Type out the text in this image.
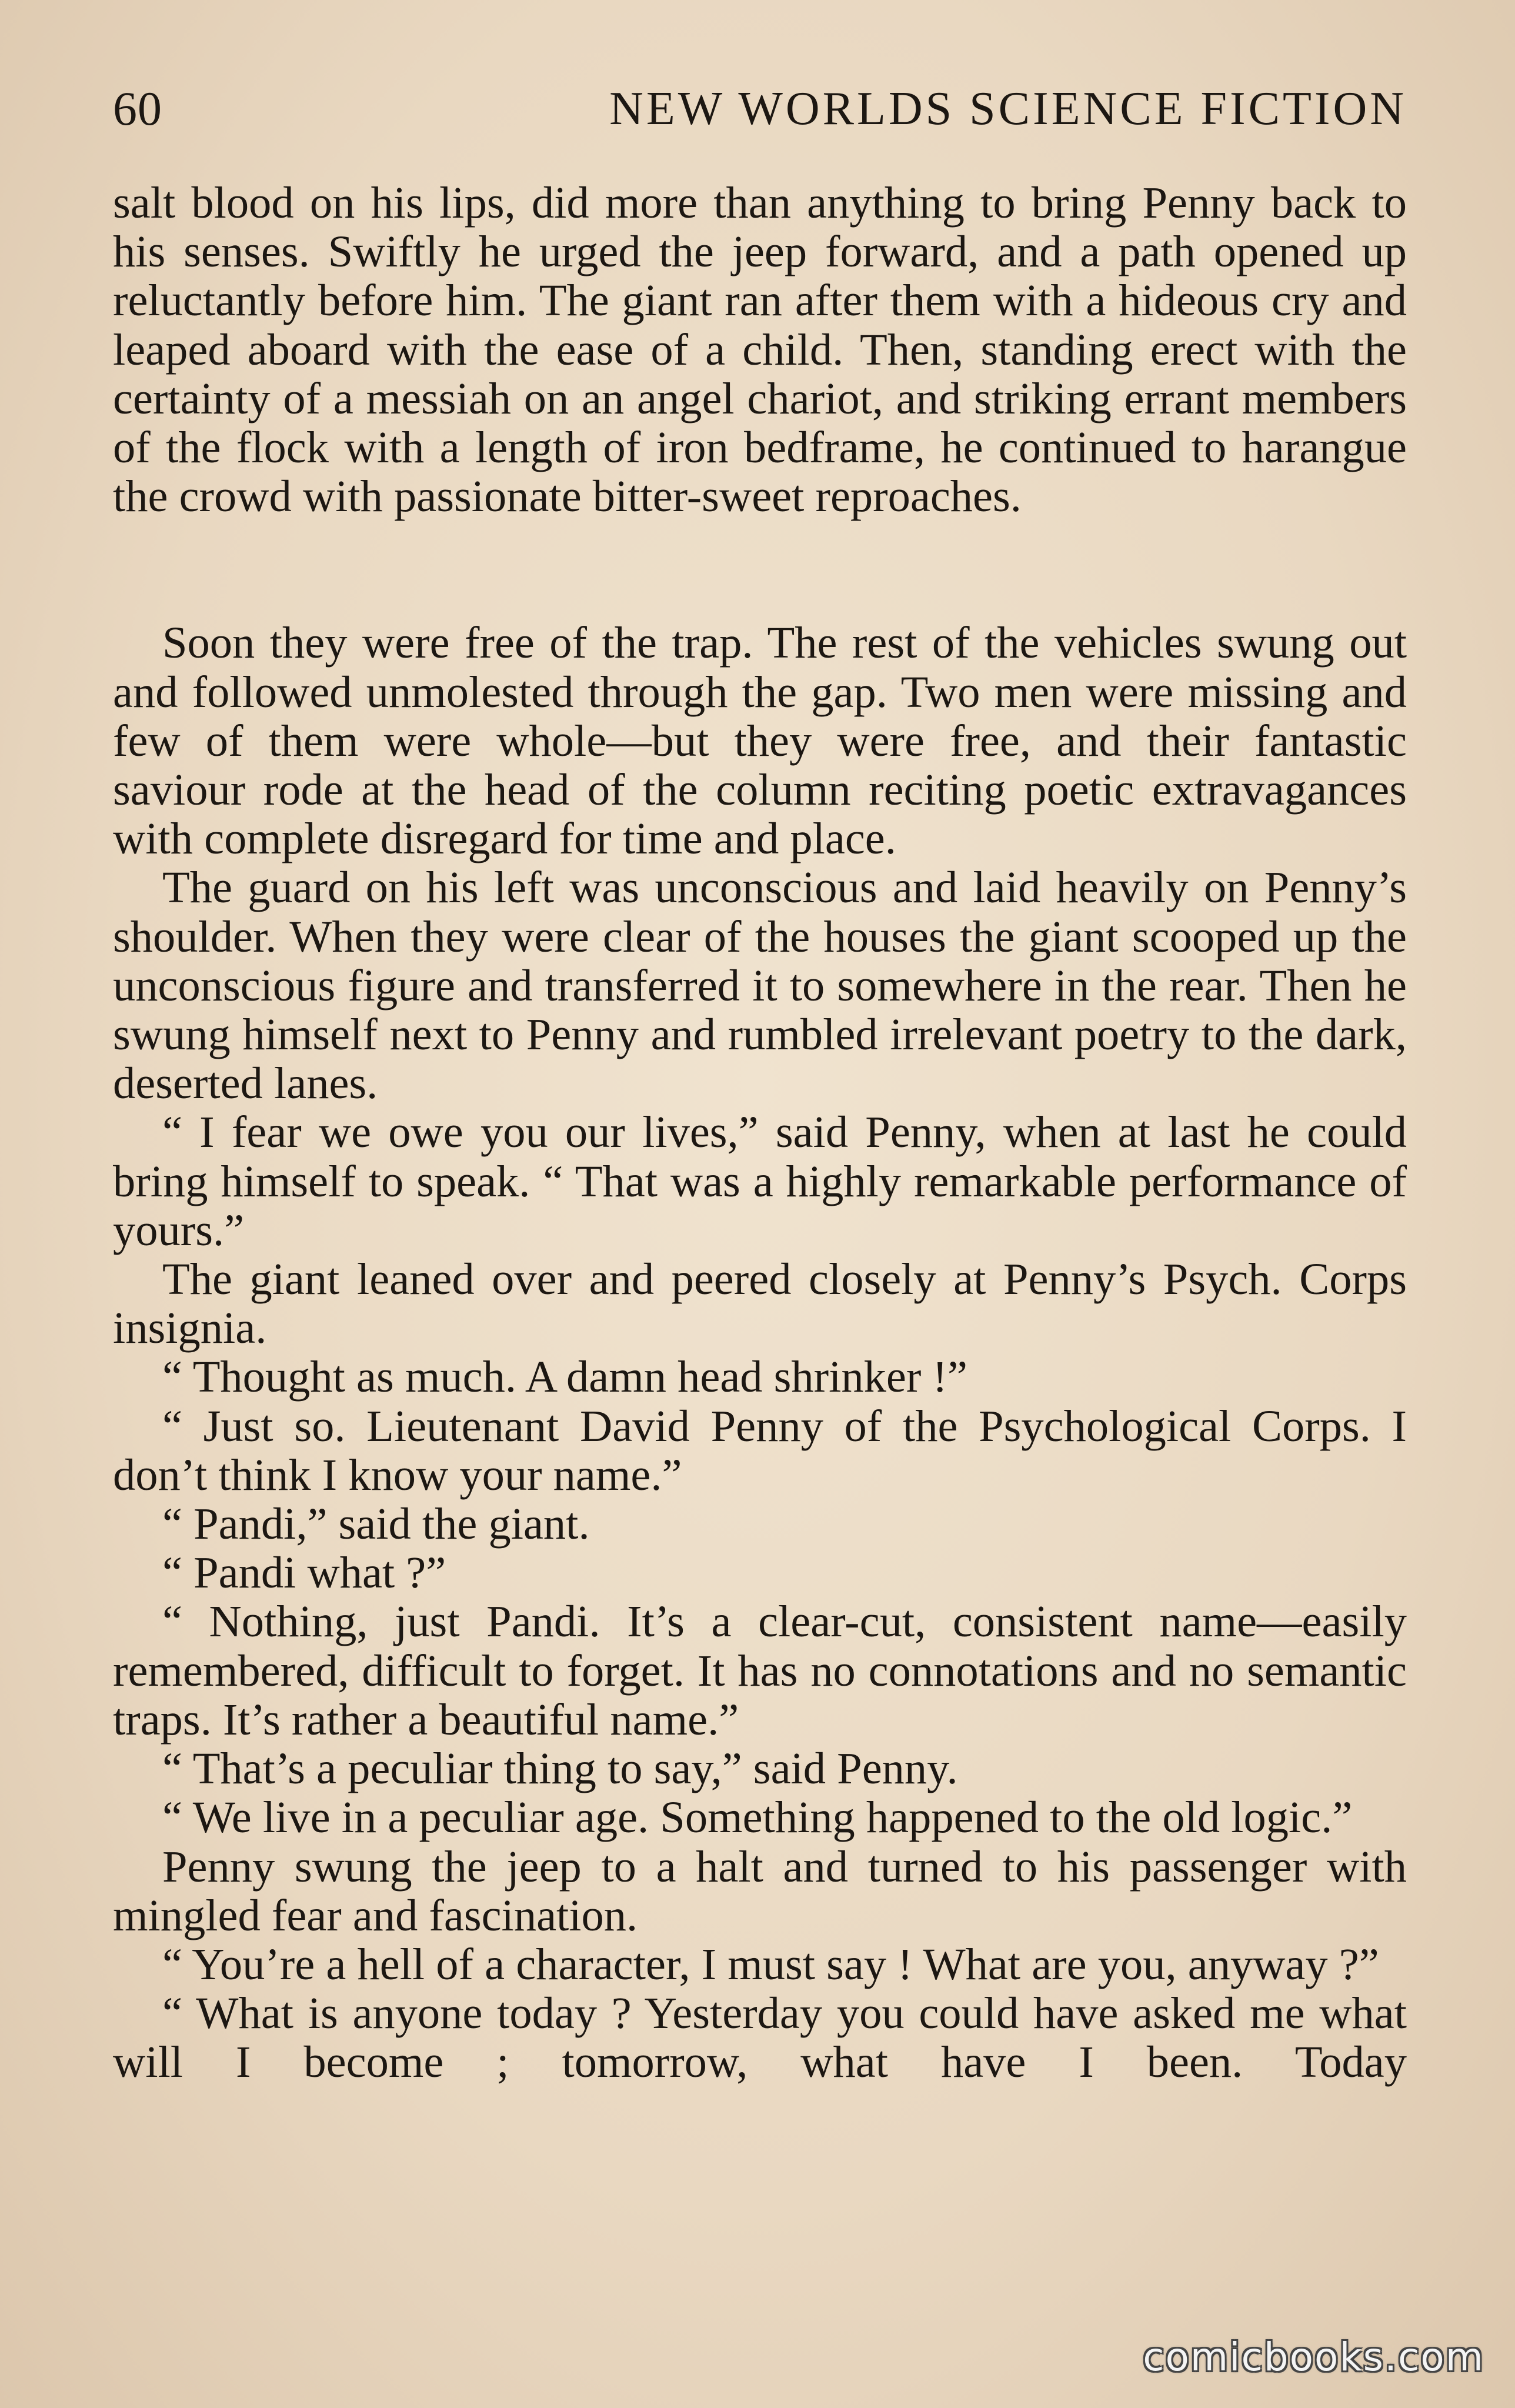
60	NEW WORLDS SCIENCE FICTION

salt blood on his lips, did more than anything to bring Penny back to his senses. Swiftly he urged the jeep forward, and a path opened up reluctantly before him. The giant ran after them with a hideous cry and leaped aboard with the ease of a child. Then, standing erect with the certainty of a messiah on an angel chariot, and striking errant members of the flock with a length of iron bedframe, he continued to harangue the crowd with passionate bitter-sweet reproaches.

Soon they were free of the trap. The rest of the vehicles swung out and followed unmolested through the gap. Two men were missing and few of them were whole—but they were free, and their fantastic saviour rode at the head of the column reciting poetic extravagances with complete disregard for time and place.

The guard on his left was unconscious and laid heavily on Penny’s shoulder. When they were clear of the houses the giant scooped up the unconscious figure and transferred it to somewhere in the rear. Then he swung himself next to Penny and rumbled irrelevant poetry to the dark, deserted lanes.

“ I fear we owe you our lives,” said Penny, when at last he could bring himself to speak. “ That was a highly remarkable performance of yours.”

The giant leaned over and peered closely at Penny’s Psych. Corps insignia.

“ Thought as much. A damn head shrinker !”

“ Just so. Lieutenant David Penny of the Psychological Corps. I don’t think I know your name.”

“ Pandi,” said the giant.

“ Pandi what ?”

“ Nothing, just Pandi. It’s a clear-cut, consistent name—easily remembered, difficult to forget. It has no connotations and no semantic traps. It’s rather a beautiful name.”

“ That’s a peculiar thing to say,” said Penny.

“ We live in a peculiar age. Something happened to the old logic.”

Penny swung the jeep to a halt and turned to his passenger with mingled fear and fascination.

“ You’re a hell of a character, I must say ! What are you, anyway ?”

“ What is anyone today ? Yesterday you could have asked me what will I become ; tomorrow, what have I been. Today

comicbooks.com
